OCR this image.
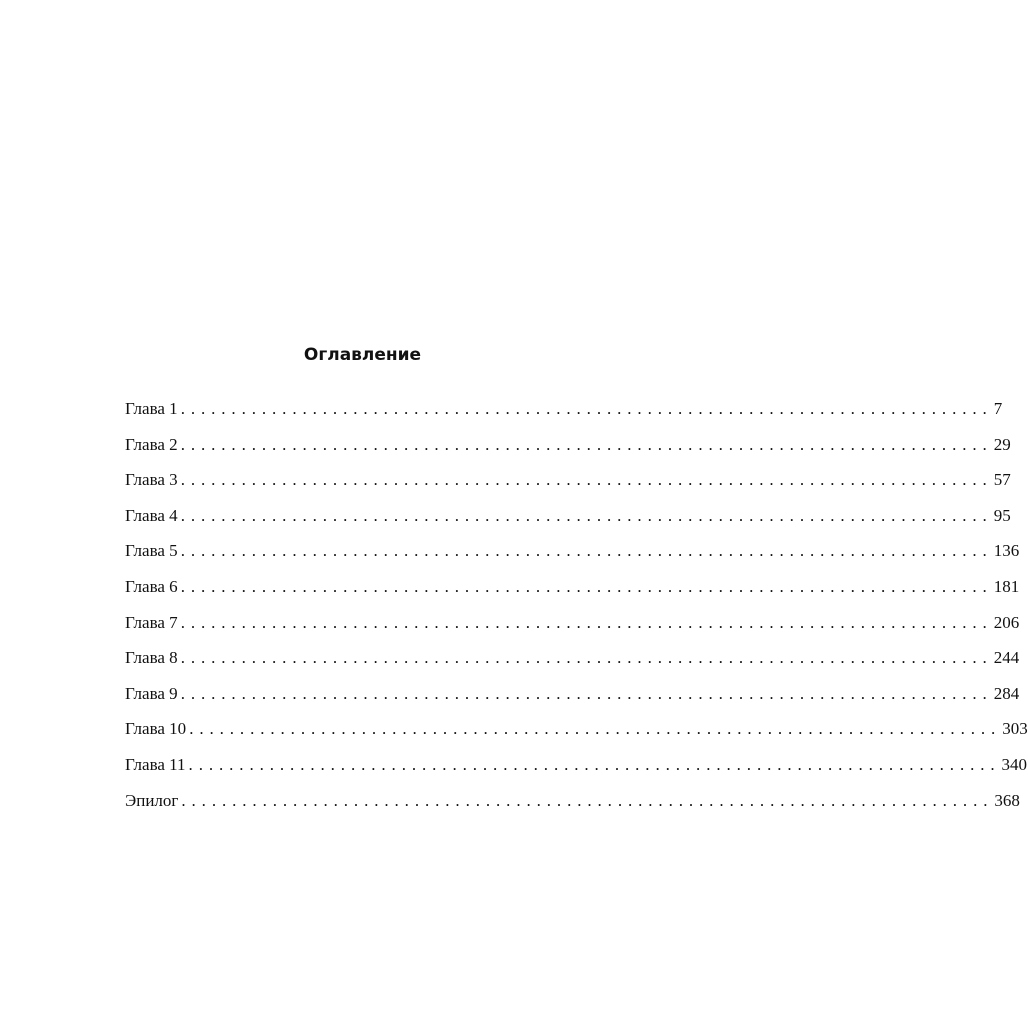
Оглавление
Глава 1 ................................................................................ 7
Глава 2 ................................................................................ 29
Глава 3 ................................................................................ 57
Глава 4 ................................................................................ 95
Глава 5 ................................................................................ 136
Глава 6 ................................................................................ 181
Глава 7 ................................................................................ 206
Глава 8 ................................................................................ 244
Глава 9 ................................................................................ 284
Глава 10 ................................................................................ 303
Глава 11 ................................................................................ 340
Эпилог ................................................................................ 368
